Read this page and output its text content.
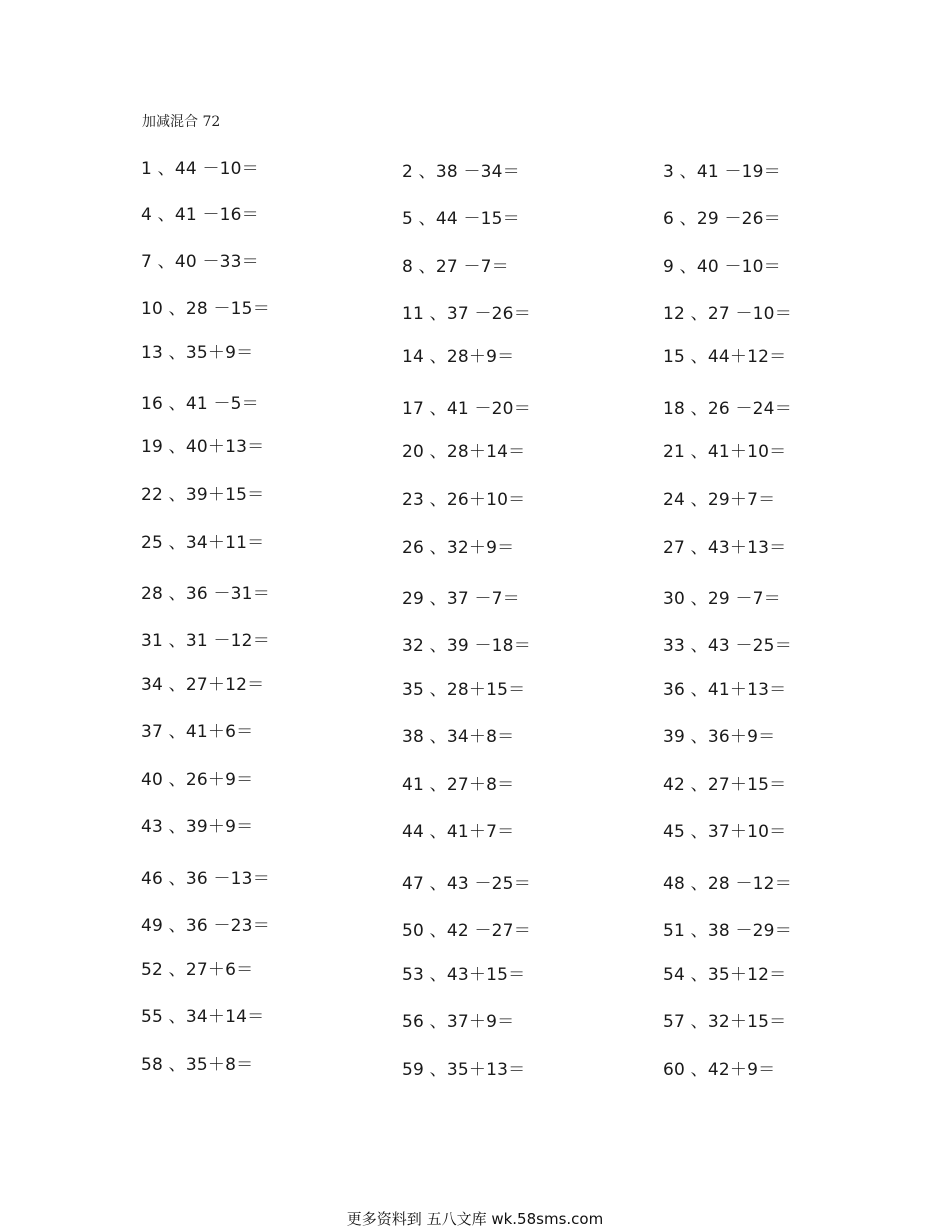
加减混合 72
1 、44 －10＝	2 、38 －34＝	3 、41 －19＝
4 、41 －16＝	5 、44 －15＝	6 、29 －26＝
7 、40 －33＝	8 、27 －7＝	9 、40 －10＝
10 、28 －15＝	11 、37 －26＝	12 、27 －10＝
13 、35＋9＝	14 、28＋9＝	15 、44＋12＝
16 、41 －5＝	17 、41 －20＝	18 、26 －24＝
19 、40＋13＝	20 、28＋14＝	21 、41＋10＝
22 、39＋15＝	23 、26＋10＝	24 、29＋7＝
25 、34＋11＝	26 、32＋9＝	27 、43＋13＝
28 、36 －31＝	29 、37 －7＝	30 、29 －7＝
31 、31 －12＝	32 、39 －18＝	33 、43 －25＝
34 、27＋12＝	35 、28＋15＝	36 、41＋13＝
37 、41＋6＝	38 、34＋8＝	39 、36＋9＝
40 、26＋9＝	41 、27＋8＝	42 、27＋15＝
43 、39＋9＝	44 、41＋7＝	45 、37＋10＝
46 、36 －13＝	47 、43 －25＝	48 、28 －12＝
49 、36 －23＝	50 、42 －27＝	51 、38 －29＝
52 、27＋6＝	53 、43＋15＝	54 、35＋12＝
55 、34＋14＝	56 、37＋9＝	57 、32＋15＝
58 、35＋8＝	59 、35＋13＝	60 、42＋9＝
更多资料到 五八文库 wk.58sms.com
